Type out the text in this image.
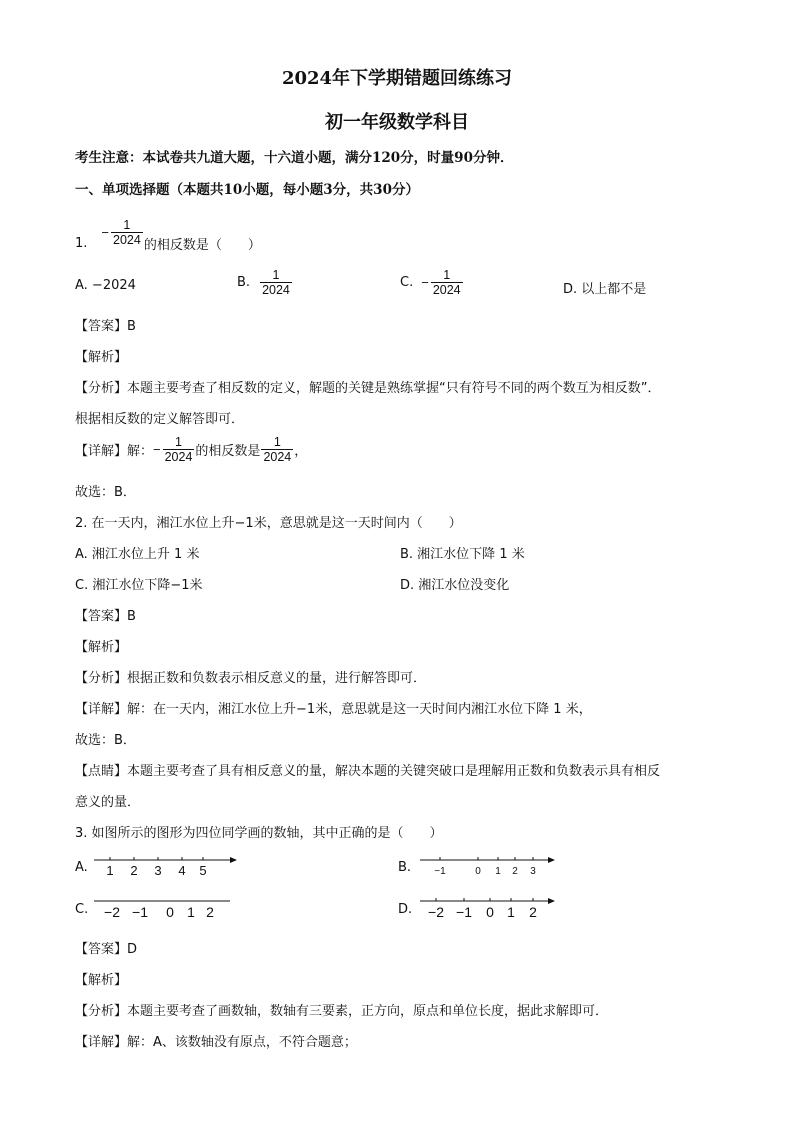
2024年下学期错题回练练习
初一年级数学科目
考生注意：本试卷共九道大题，十六道小题，满分120分，时量90分钟．
一、单项选择题（本题共10小题，每小题3分，共30分）
1.
− $\frac{1}{2024}$ 的相反数是（　　）
A. −2024	B. $\frac{1}{2024}$	C. − $\frac{1}{2024}$	D. 以上都不是
【答案】B
【解析】
【分析】本题主要考查了相反数的定义，解题的关键是熟练掌握“只有符号不同的两个数互为相反数”．
根据相反数的定义解答即可．
【详解】解： − $\frac{1}{2024}$ 的相反数是 $\frac{1}{2024}$ ，
故选：B．
2. 在一天内，湘江水位上升−1米，意思就是这一天时间内（　　）
A. 湘江水位上升 1 米	B. 湘江水位下降 1 米
C. 湘江水位下降−1米	D. 湘江水位没变化
【答案】B
【解析】
【分析】根据正数和负数表示相反意义的量，进行解答即可．
【详解】解：在一天内，湘江水位上升−1米，意思就是这一天时间内湘江水位下降 1 米，
故选：B．
【点睛】本题主要考查了具有相反意义的量，解决本题的关键突破口是理解用正数和负数表示具有相反
意义的量．
3. 如图所示的图形为四位同学画的数轴，其中正确的是（　　）
A. 1 2 3 4 5	B. −1	0 1 2 3
C. −2 −1 0 1 2	D. −2 −1 0 1 2
【答案】D
【解析】
【分析】本题主要考查了画数轴，数轴有三要素，正方向，原点和单位长度，据此求解即可．
【详解】解：A、该数轴没有原点，不符合题意；
